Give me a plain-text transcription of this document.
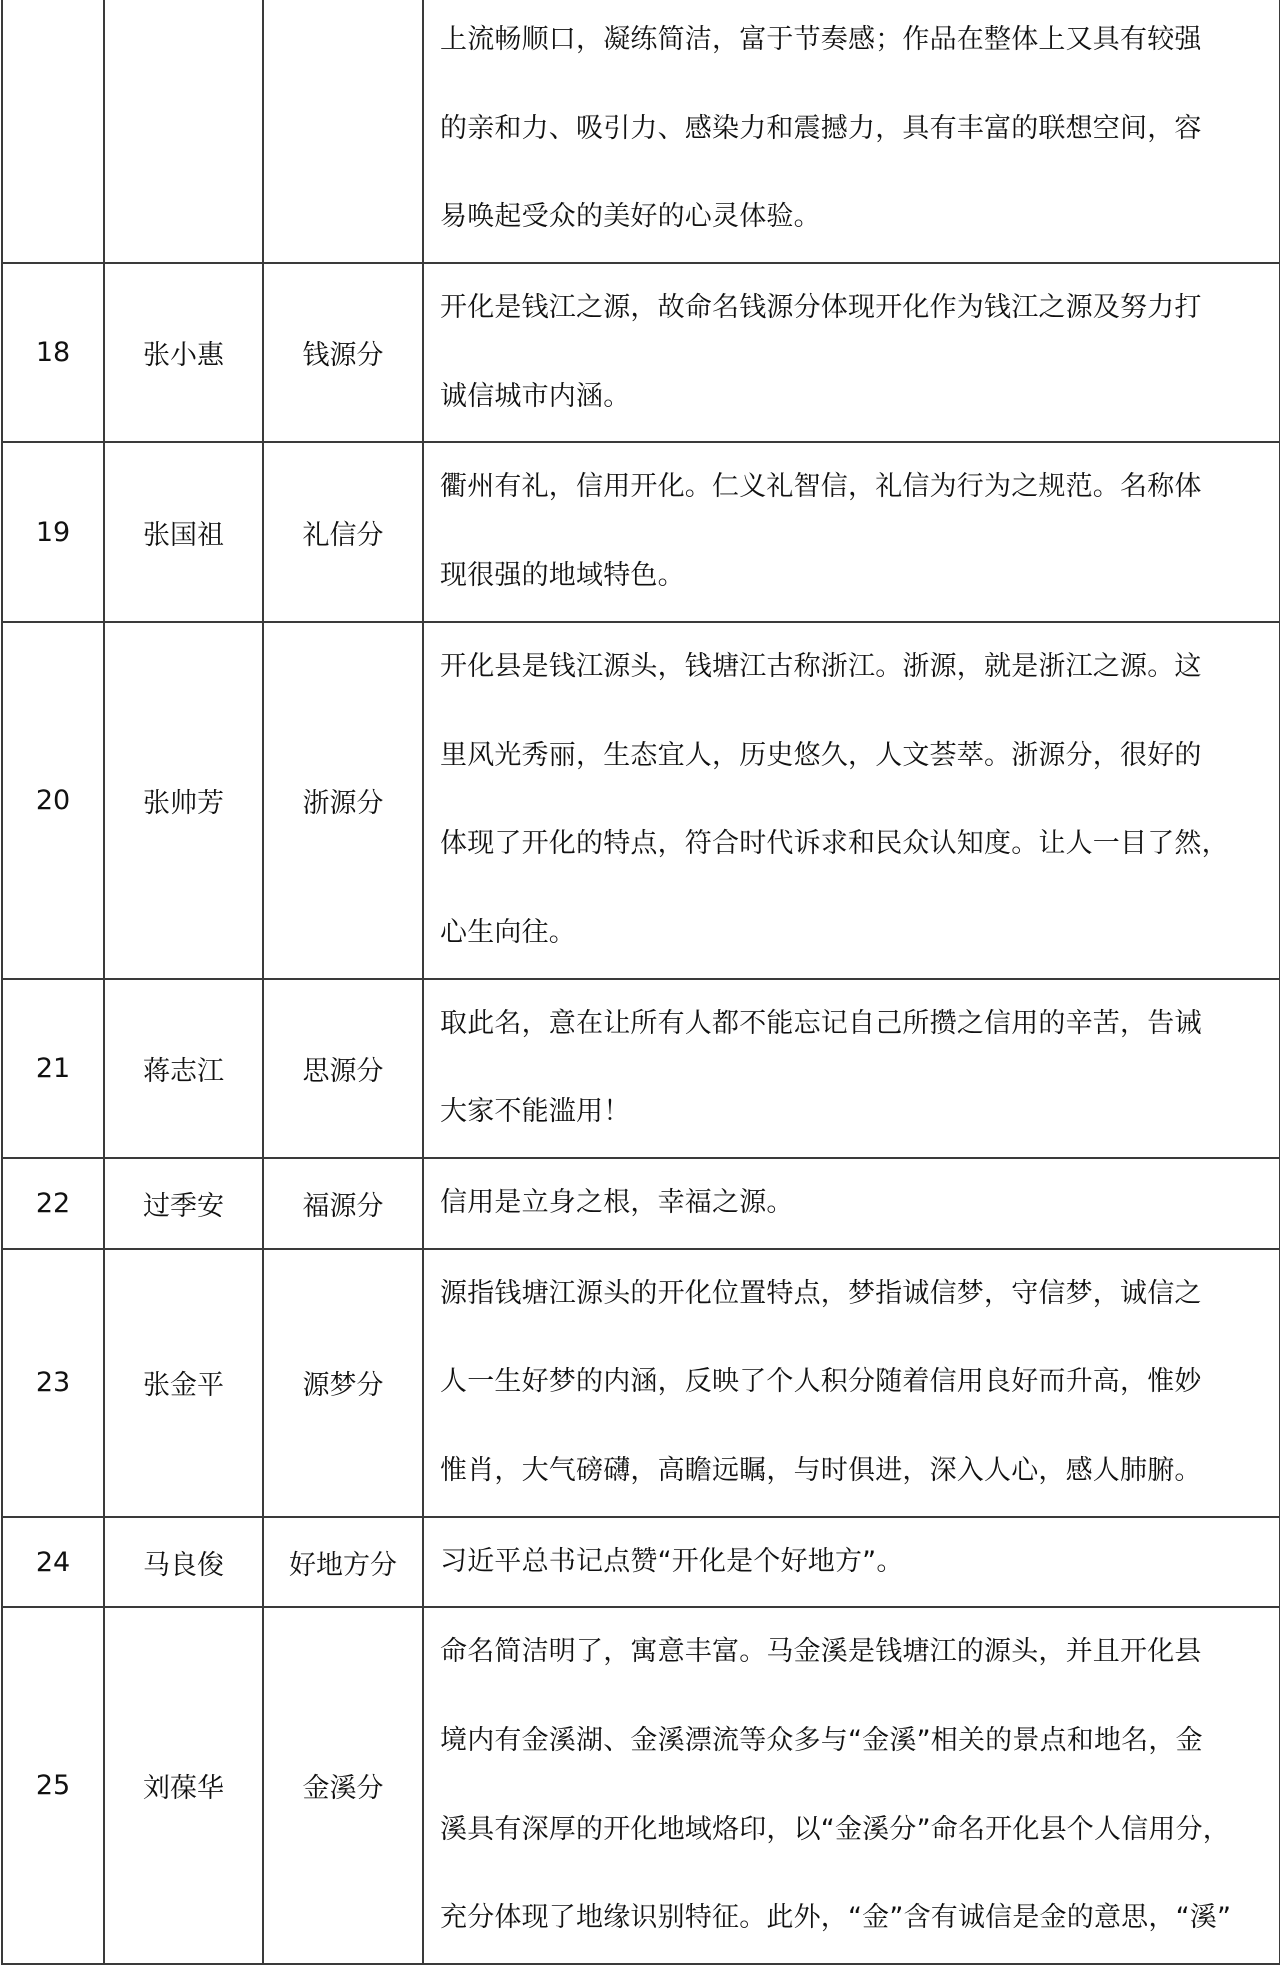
			上流畅顺口，凝练简洁，富于节奏感；作品在整体上又具有较强
的亲和力、吸引力、感染力和震撼力，具有丰富的联想空间，容
易唤起受众的美好的心灵体验。

18	张小惠	钱源分	开化是钱江之源，故命名钱源分体现开化作为钱江之源及努力打
诚信城市内涵。

19	张国祖	礼信分	衢州有礼，信用开化。仁义礼智信，礼信为行为之规范。名称体
现很强的地域特色。

20	张帅芳	浙源分	开化县是钱江源头，钱塘江古称浙江。浙源，就是浙江之源。这
里风光秀丽，生态宜人，历史悠久，人文荟萃。浙源分，很好的
体现了开化的特点，符合时代诉求和民众认知度。让人一目了然，
心生向往。

21	蒋志江	思源分	取此名，意在让所有人都不能忘记自己所攒之信用的辛苦，告诫
大家不能滥用！

22	过季安	福源分	信用是立身之根，幸福之源。

23	张金平	源梦分	源指钱塘江源头的开化位置特点，梦指诚信梦，守信梦，诚信之
人一生好梦的内涵，反映了个人积分随着信用良好而升高，惟妙
惟肖，大气磅礴，高瞻远瞩，与时俱进，深入人心，感人肺腑。

24	马良俊	好地方分	习近平总书记点赞“开化是个好地方”。

25	刘葆华	金溪分	命名简洁明了，寓意丰富。马金溪是钱塘江的源头，并且开化县
境内有金溪湖、金溪漂流等众多与“金溪”相关的景点和地名，金
溪具有深厚的开化地域烙印，以“金溪分”命名开化县个人信用分，
充分体现了地缘识别特征。此外，“金”含有诚信是金的意思，“溪”
